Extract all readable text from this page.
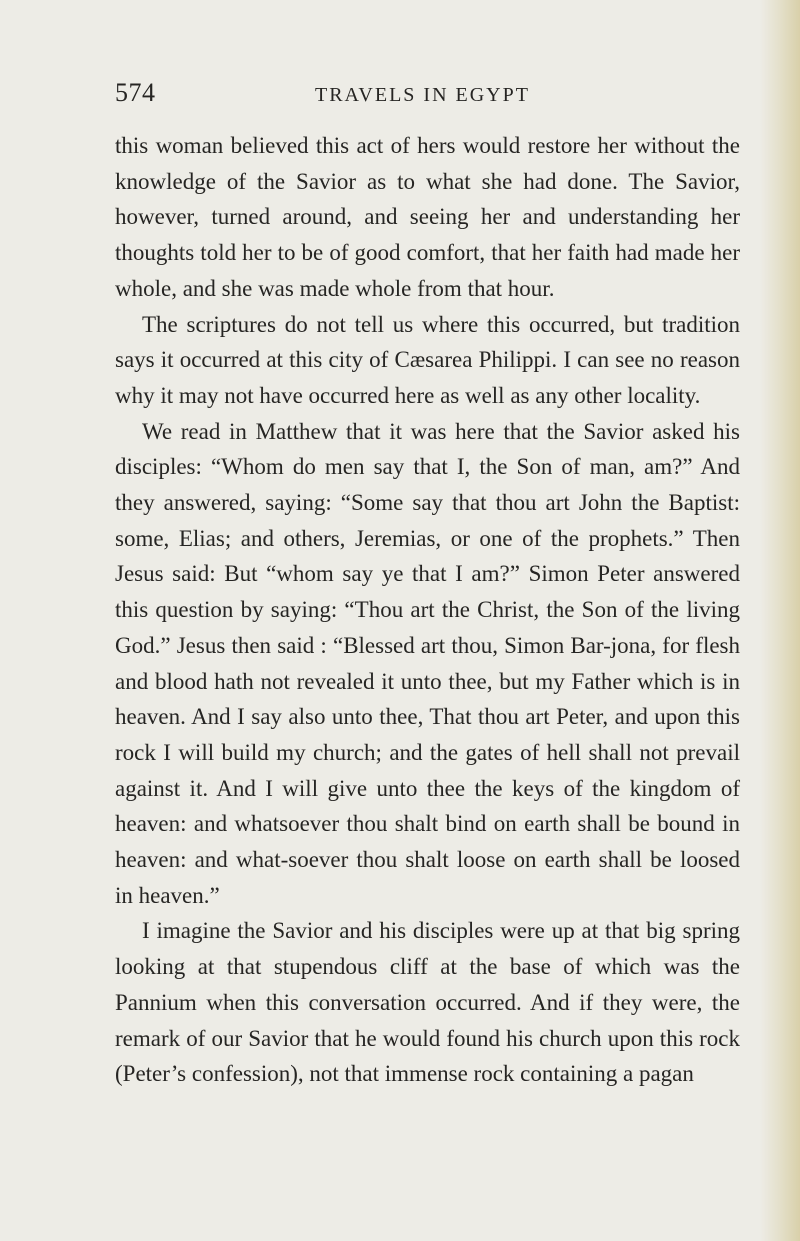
574	TRAVELS IN EGYPT

this woman believed this act of hers would restore her without the knowledge of the Savior as to what she had done. The Savior, however, turned around, and seeing her and understanding her thoughts told her to be of good comfort, that her faith had made her whole, and she was made whole from that hour.

The scriptures do not tell us where this occurred, but tradition says it occurred at this city of Cæsarea Philippi. I can see no reason why it may not have occurred here as well as any other locality.

We read in Matthew that it was here that the Savior asked his disciples: “Whom do men say that I, the Son of man, am?” And they answered, saying: “Some say that thou art John the Baptist: some, Elias; and others, Jeremias, or one of the prophets.” Then Jesus said: But “whom say ye that I am?” Simon Peter answered this question by saying: “Thou art the Christ, the Son of the living God.” Jesus then said : “Blessed art thou, Simon Bar-jona, for flesh and blood hath not revealed it unto thee, but my Father which is in heaven. And I say also unto thee, That thou art Peter, and upon this rock I will build my church; and the gates of hell shall not prevail against it. And I will give unto thee the keys of the kingdom of heaven: and whatsoever thou shalt bind on earth shall be bound in heaven: and what-soever thou shalt loose on earth shall be loosed in heaven.”

I imagine the Savior and his disciples were up at that big spring looking at that stupendous cliff at the base of which was the Pannium when this conversation occurred. And if they were, the remark of our Savior that he would found his church upon this rock (Peter’s confession), not that immense rock containing a pagan
